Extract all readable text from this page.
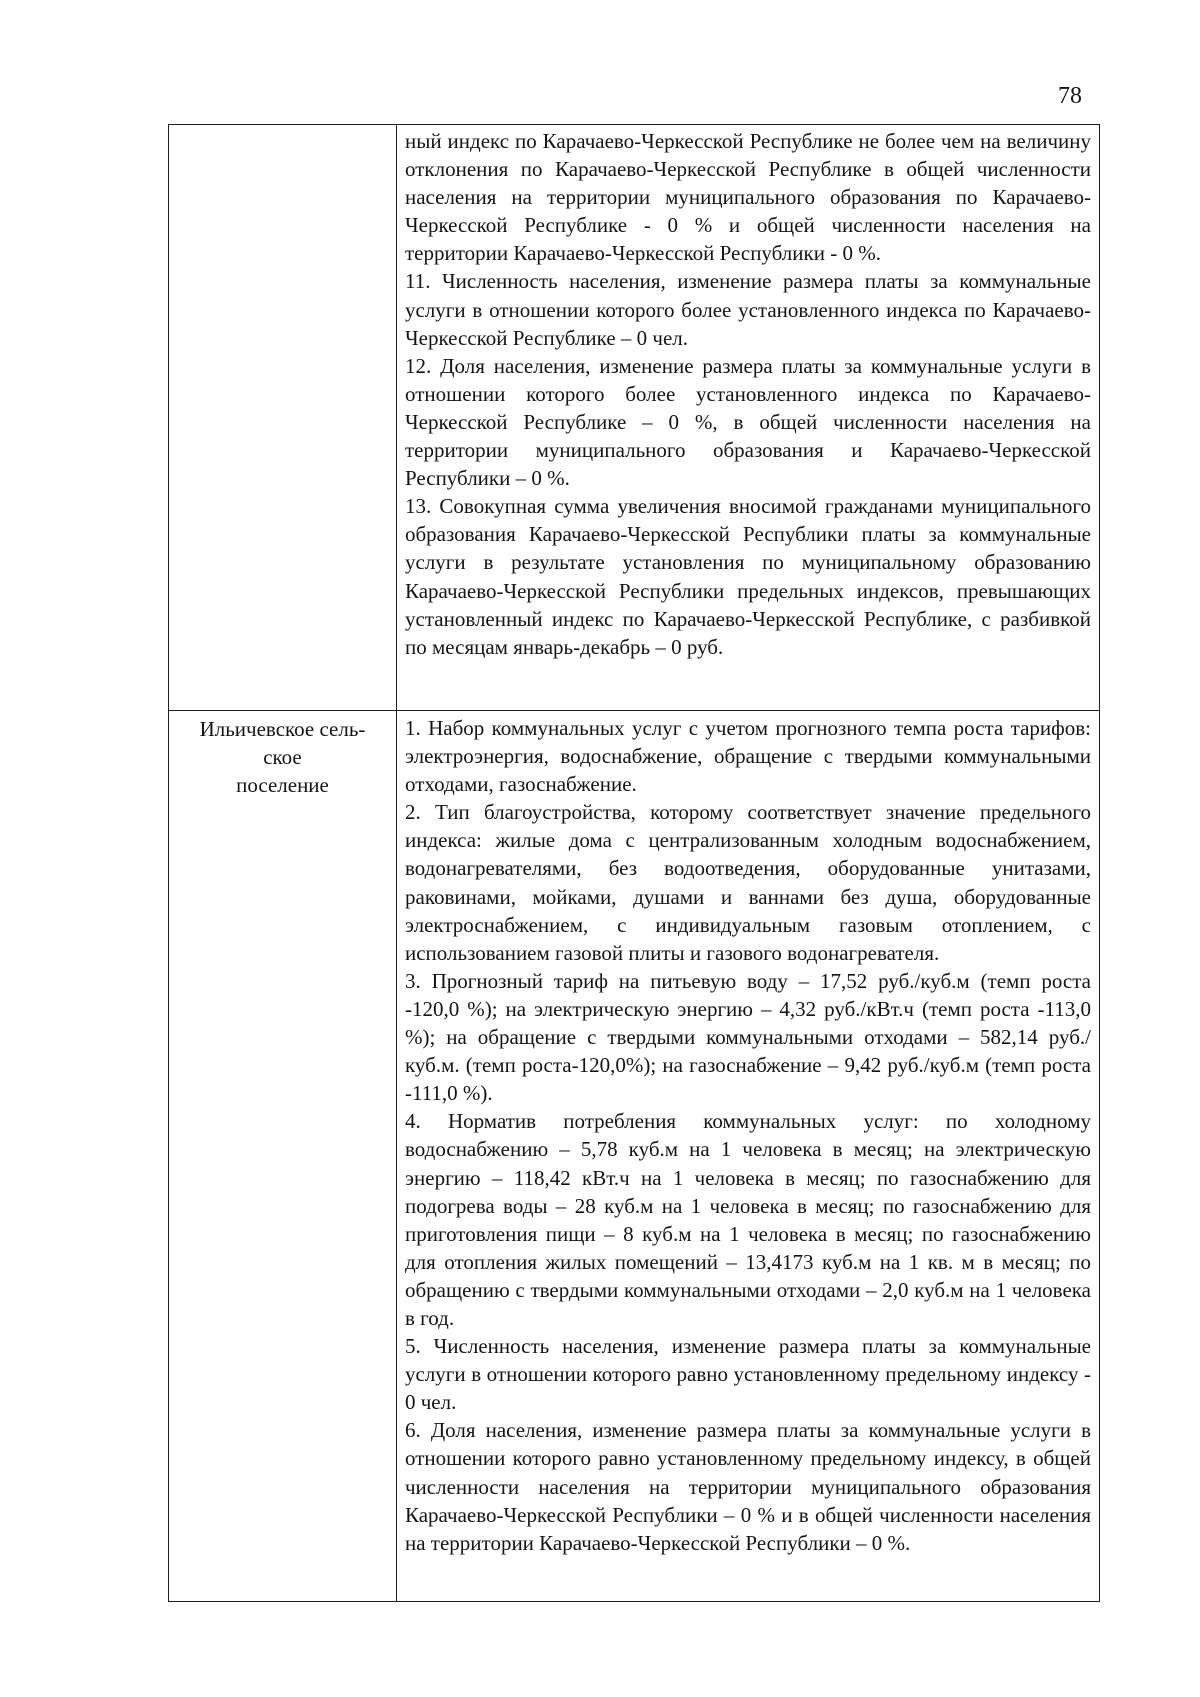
78

ный индекс по Карачаево-Черкесской Республике не более чем на величину отклонения по Карачаево-Черкесской Республике в общей численности населения на территории муниципального образования по Карачаево-Черкесской Республике - 0 % и общей численности населения на территории Карачаево-Черкесской Республики - 0 %.

11. Численность населения, изменение размера платы за коммунальные услуги в отношении которого более установленного индекса по Карачаево-Черкесской Республике – 0 чел.

12. Доля населения, изменение размера платы за коммунальные услуги в отношении которого более установленного индекса по Карачаево-Черкесской Республике – 0 %, в общей численности населения на территории муниципального образования и Карачаево-Черкесской Республики – 0 %.

13. Совокупная сумма увеличения вносимой гражданами муниципального образования Карачаево-Черкесской Республики платы за коммунальные услуги в результате установления по муниципальному образованию Карачаево-Черкесской Республики предельных индексов, превышающих установленный индекс по Карачаево-Черкесской Республике, с разбивкой по месяцам январь-декабрь – 0 руб.

Ильичевское сель-
ское
поселение

1. Набор коммунальных услуг с учетом прогнозного темпа роста тарифов: электроэнергия, водоснабжение, обращение с твердыми коммунальными отходами, газоснабжение.

2. Тип благоустройства, которому соответствует значение предельного индекса: жилые дома с централизованным холодным водоснабжением, водонагревателями, без водоотведения, оборудованные унитазами, раковинами, мойками, душами и ваннами без душа, оборудованные электроснабжением, с индивидуальным газовым отоплением, с использованием газовой плиты и газового водонагревателя.

3. Прогнозный тариф на питьевую воду – 17,52 руб./куб.м (темп роста -120,0 %); на электрическую энергию – 4,32 руб./кВт.ч (темп роста -113,0 %); на обращение с твердыми коммунальными отходами – 582,14 руб./куб.м. (темп роста-120,0%); на газоснабжение – 9,42 руб./куб.м (темп роста -111,0 %).

4. Норматив потребления коммунальных услуг: по холодному водоснабжению – 5,78 куб.м на 1 человека в месяц; на электрическую энергию – 118,42 кВт.ч на 1 человека в месяц; по газоснабжению для подогрева воды – 28 куб.м на 1 человека в месяц; по газоснабжению для приготовления пищи – 8 куб.м на 1 человека в месяц; по газоснабжению для отопления жилых помещений – 13,4173 куб.м на 1 кв. м в месяц; по обращению с твердыми коммунальными отходами – 2,0 куб.м на 1 человека в год.

5. Численность населения, изменение размера платы за коммунальные услуги в отношении которого равно установленному предельному индексу - 0 чел.

6. Доля населения, изменение размера платы за коммунальные услуги в отношении которого равно установленному предельному индексу, в общей численности населения на территории муниципального образования Карачаево-Черкесской Республики – 0 % и в общей численности населения на территории Карачаево-Черкесской Республики – 0 %.
